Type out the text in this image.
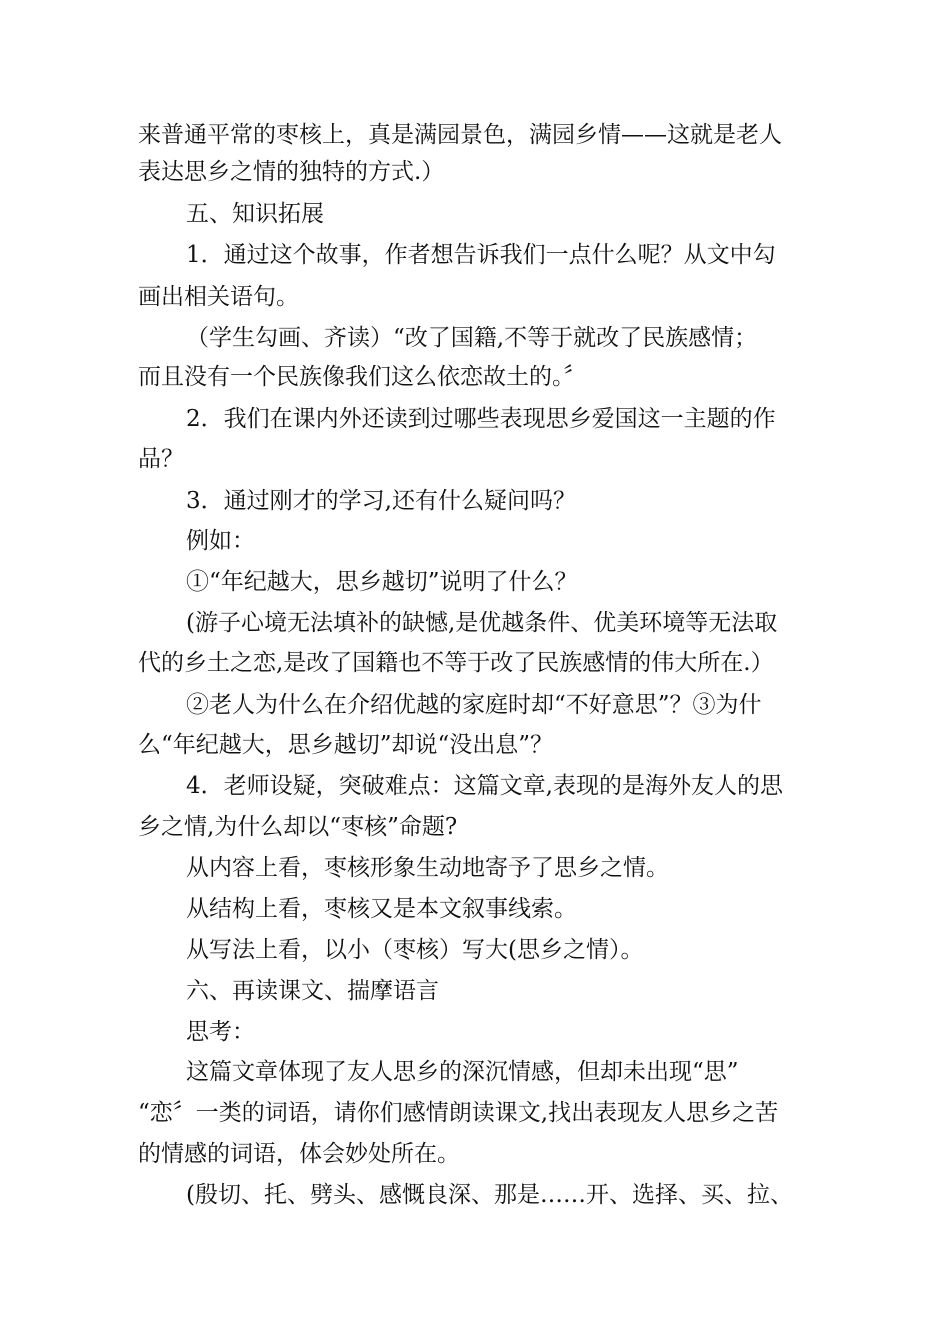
来普通平常的枣核上，真是满园景色，满园乡情——这就是老人
表达思乡之情的独特的方式.）
五、知识拓展
1．通过这个故事，作者想告诉我们一点什么呢？从文中勾
画出相关语句。
（学生勾画、齐读）“改了国籍,不等于就改了民族感情；
而且没有一个民族像我们这么依恋故土的。〞
2．我们在课内外还读到过哪些表现思乡爱国这一主题的作
品？
3．通过刚才的学习,还有什么疑问吗？
例如：
①“年纪越大，思乡越切”说明了什么？
(游子心境无法填补的缺憾,是优越条件、优美环境等无法取
代的乡土之恋,是改了国籍也不等于改了民族感情的伟大所在.）
②老人为什么在介绍优越的家庭时却“不好意思”？③为什
么“年纪越大，思乡越切”却说“没出息”？
4．老师设疑，突破难点：这篇文章,表现的是海外友人的思
乡之情,为什么却以“枣核”命题?
从内容上看，枣核形象生动地寄予了思乡之情。
从结构上看，枣核又是本文叙事线索。
从写法上看，以小（枣核）写大(思乡之情）。
六、再读课文、揣摩语言
思考：
这篇文章体现了友人思乡的深沉情感，但却未出现“思”
“恋〞一类的词语，请你们感情朗读课文,找出表现友人思乡之苦
的情感的词语，体会妙处所在。
(殷切、托、劈头、感慨良深、那是……开、选择、买、拉、
